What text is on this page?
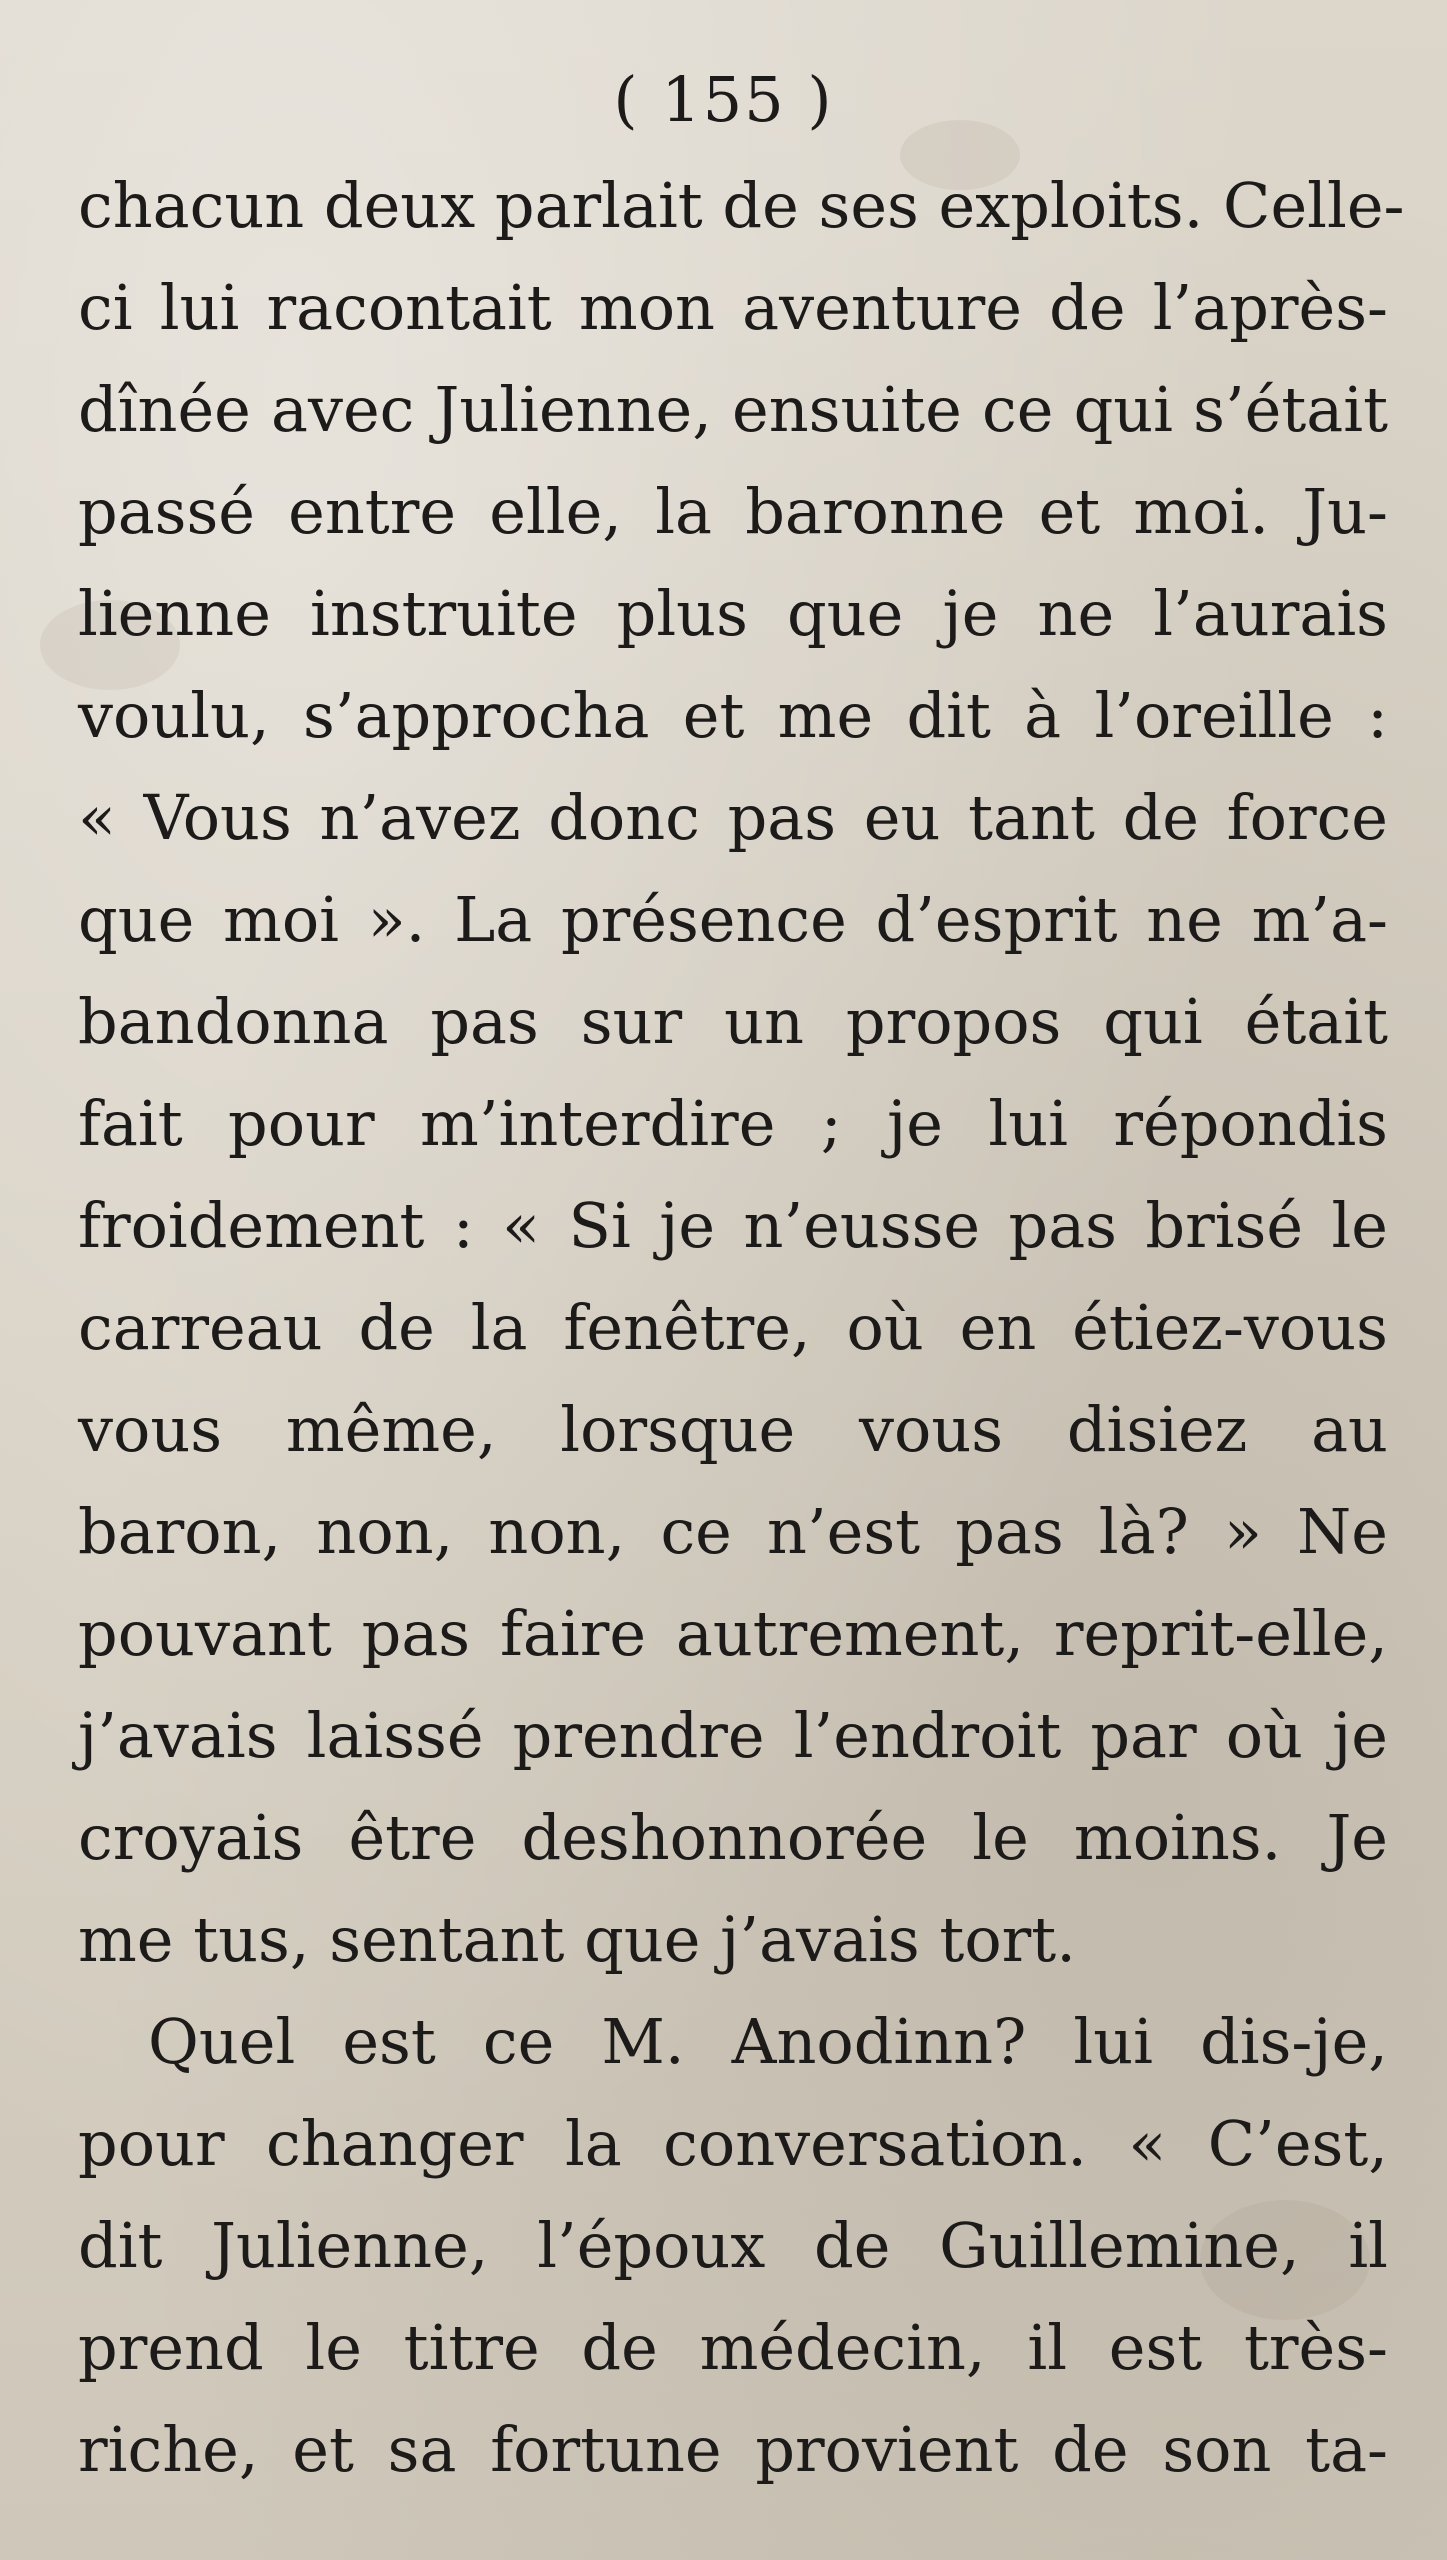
( 155 )
chacun deux parlait de ses exploits. Celle-
ci lui racontait mon aventure de l’après-
dînée avec Julienne, ensuite ce qui s’était
passé entre elle, la baronne et moi. Ju-
lienne instruite plus que je ne l’aurais
voulu, s’approcha et me dit à l’oreille :
« Vous n’avez donc pas eu tant de force
que moi ». La présence d’esprit ne m’a-
bandonna pas sur un propos qui était
fait pour m’interdire ; je lui répondis
froidement : « Si je n’eusse pas brisé le
carreau de la fenêtre, où en étiez-vous
vous même, lorsque vous disiez au
baron, non, non, ce n’est pas là? » Ne
pouvant pas faire autrement, reprit-elle,
j’avais laissé prendre l’endroit par où je
croyais être deshonnorée le moins. Je
me tus, sentant que j’avais tort.
Quel est ce M. Anodinn? lui dis-je,
pour changer la conversation. « C’est,
dit Julienne, l’époux de Guillemine, il
prend le titre de médecin, il est très-
riche, et sa fortune provient de son ta-
